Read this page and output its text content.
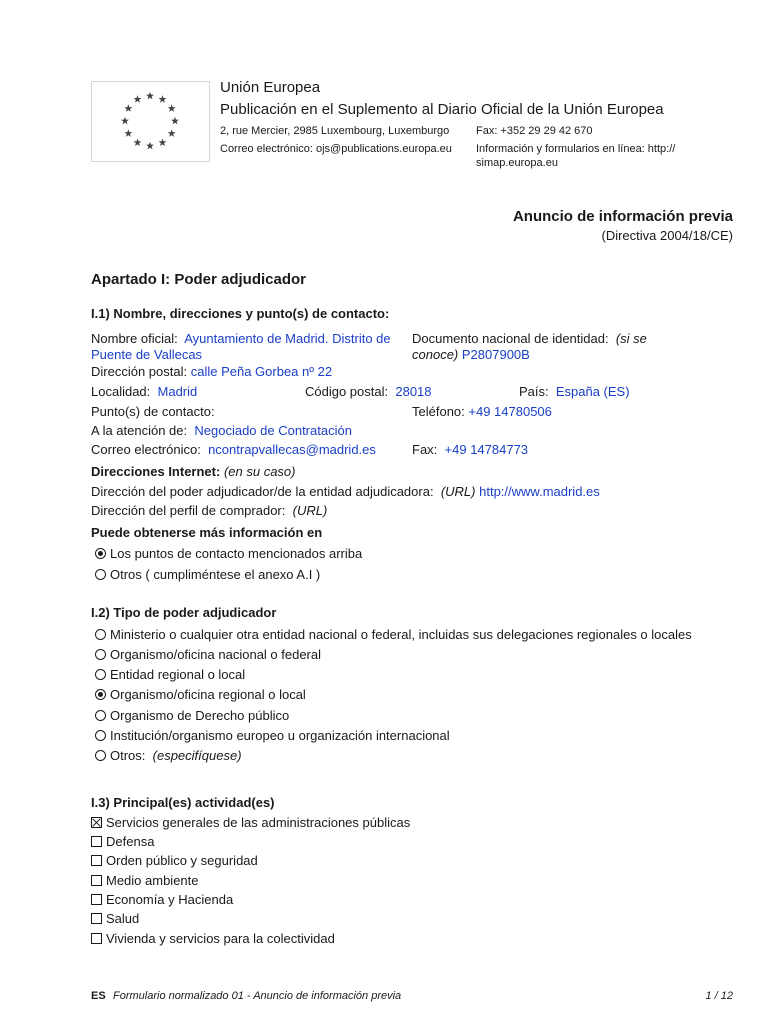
Unión Europea
Publicación en el Suplemento al Diario Oficial de la Unión Europea
2, rue Mercier, 2985 Luxembourg, Luxemburgo Fax: +352 29 29 42 670
Correo electrónico: ojs@publications.europa.eu Información y formularios en línea: http://
simap.europa.eu
Anuncio de información previa
(Directiva 2004/18/CE)
Apartado I: Poder adjudicador
I.1) Nombre, direcciones y punto(s) de contacto:
Nombre oficial: Ayuntamiento de Madrid. Distrito de
Puente de Vallecas
Documento nacional de identidad: (si se
conoce) P2807900B
Dirección postal: calle Peña Gorbea nº 22
Localidad: Madrid	Código postal: 28018	País: España (ES)
Punto(s) de contacto:	Teléfono: +49 14780506
A la atención de: Negociado de Contratación
Correo electrónico: ncontrapvallecas@madrid.es	Fax: +49 14784773
Direcciones Internet: (en su caso)
Dirección del poder adjudicador/de la entidad adjudicadora: (URL) http://www.madrid.es
Dirección del perfil de comprador: (URL)
Puede obtenerse más información en
Los puntos de contacto mencionados arriba
Otros ( cumpliméntese el anexo A.I )
I.2) Tipo de poder adjudicador
Ministerio o cualquier otra entidad nacional o federal, incluidas sus delegaciones regionales o locales
Organismo/oficina nacional o federal
Entidad regional o local
Organismo/oficina regional o local
Organismo de Derecho público
Institución/organismo europeo u organización internacional
Otros: (especifíquese)
I.3) Principal(es) actividad(es)
Servicios generales de las administraciones públicas
Defensa
Orden público y seguridad
Medio ambiente
Economía y Hacienda
Salud
Vivienda y servicios para la colectividad
ES Formulario normalizado 01 - Anuncio de información previa	1 / 12
